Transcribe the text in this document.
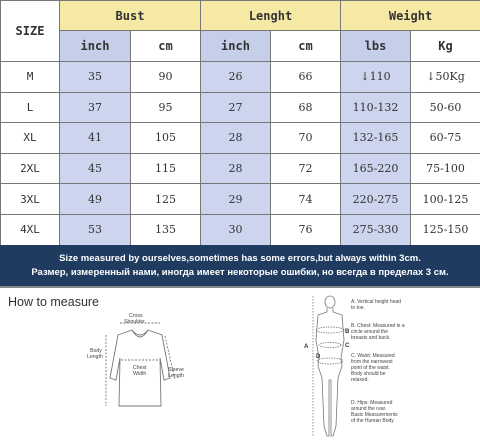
SIZE	Bust		Lenght		Weight	
	inch	cm	inch	cm	lbs	Kg
M	35	90	26	66	↓110	↓50Kg
L	37	95	27	68	110-132	50-60
XL	41	105	28	70	132-165	60-75
2XL	45	115	28	72	165-220	75-100
3XL	49	125	29	74	220-275	100-125
4XL	53	135	30	76	275-330	125-150
Size measured by ourselves,sometimes has some errors,but always within 3cm.
Размер, измеренный нами, иногда имеет некоторые ошибки, но всегда в пределах 3 см.
How to measure
Cross
Shoulder
Body
Length
Chest
Width
Sleeve
Length
A
B
C
D
A. Vertical height head
to toe.
B. Chest: Measured in a
circle around the
breasts and back.
C. Waist: Measured
from the narrowest
point of the waist.
Body should be
relaxed.
D. Hips: Measured
around the rear.
Basic Measurements
of the Human Body
